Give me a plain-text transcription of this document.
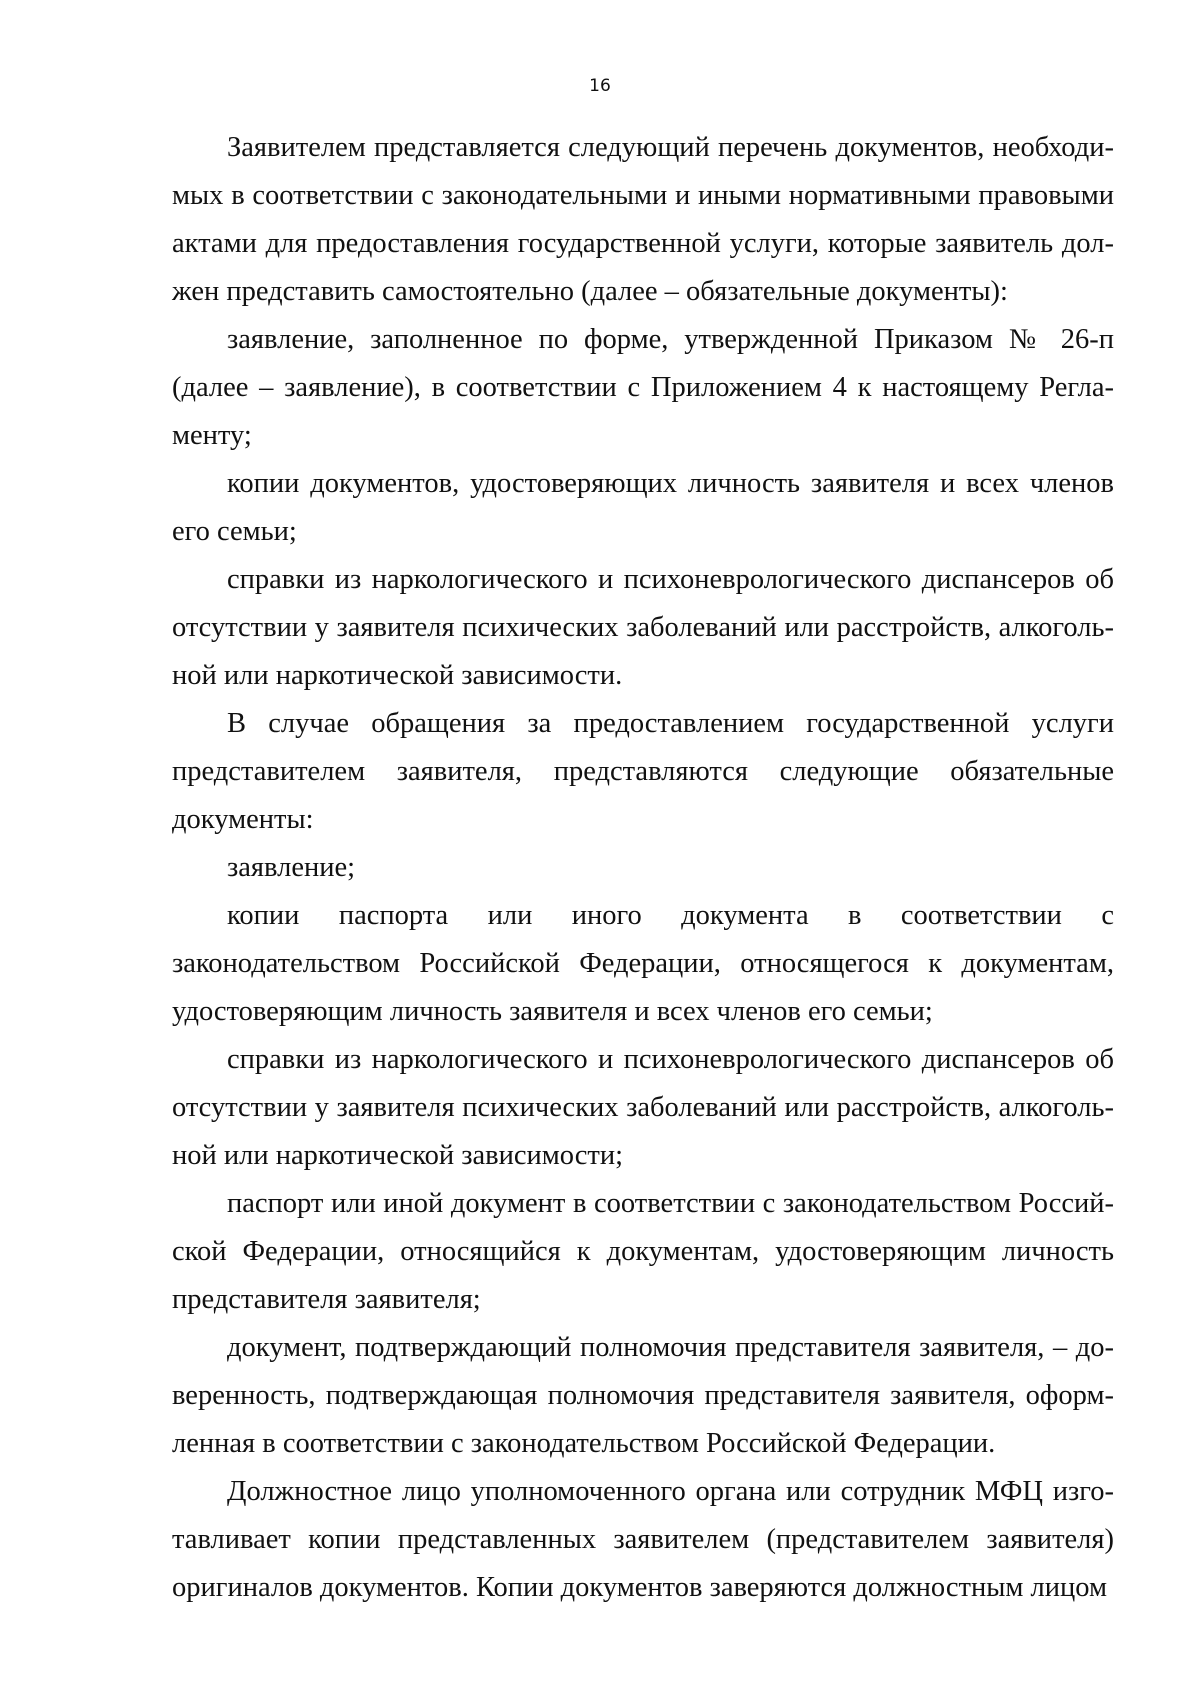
16

Заявителем представляется следующий перечень документов, необходимых в соответствии с законодательными и иными нормативными правовыми актами для предоставления государственной услуги, которые заявитель должен представить самостоятельно (далее – обязательные документы):

заявление, заполненное по форме, утвержденной Приказом № 26-п (далее – заявление), в соответствии с Приложением 4 к настоящему Регламенту;

копии документов, удостоверяющих личность заявителя и всех членов его семьи;

справки из наркологического и психоневрологического диспансеров об отсутствии у заявителя психических заболеваний или расстройств, алкогольной или наркотической зависимости.

В случае обращения за предоставлением государственной услуги представителем заявителя, представляются следующие обязательные документы:

заявление;

копии паспорта или иного документа в соответствии с законодательством Российской Федерации, относящегося к документам, удостоверяющим личность заявителя и всех членов его семьи;

справки из наркологического и психоневрологического диспансеров об отсутствии у заявителя психических заболеваний или расстройств, алкогольной или наркотической зависимости;

паспорт или иной документ в соответствии с законодательством Российской Федерации, относящийся к документам, удостоверяющим личность представителя заявителя;

документ, подтверждающий полномочия представителя заявителя, – доверенность, подтверждающая полномочия представителя заявителя, оформленная в соответствии с законодательством Российской Федерации.

Должностное лицо уполномоченного органа или сотрудник МФЦ изготавливает копии представленных заявителем (представителем заявителя) оригиналов документов. Копии документов заверяются должностным лицом
